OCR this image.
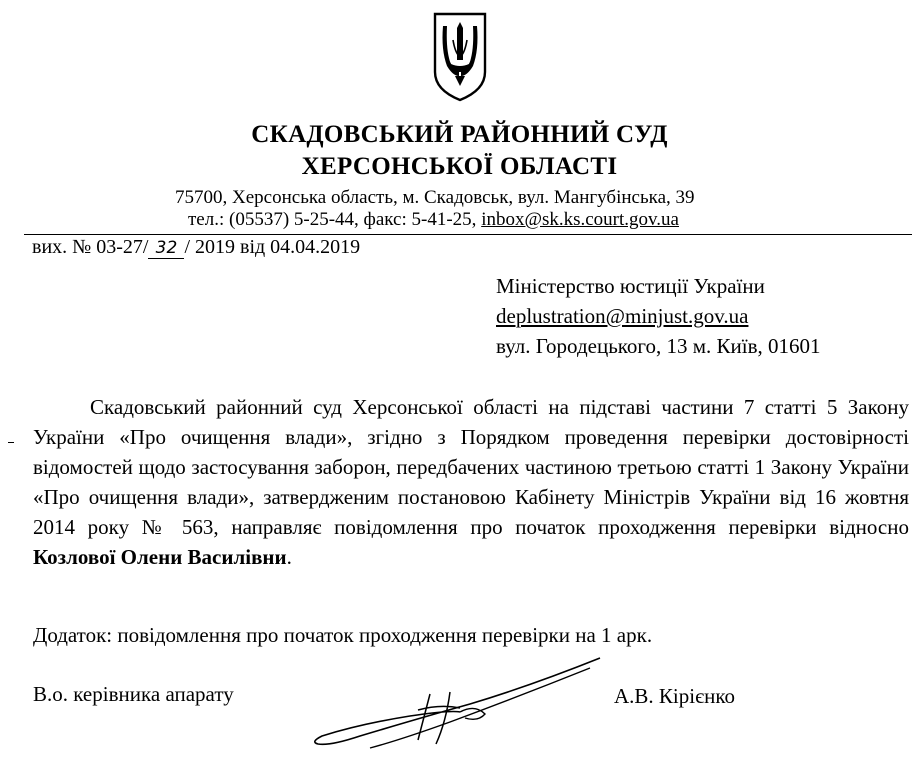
СКАДОВСЬКИЙ РАЙОННИЙ СУД
ХЕРСОНСЬКОЇ ОБЛАСТІ
75700, Херсонська область, м. Скадовськ, вул. Мангубінська, 39
тел.: (05537) 5-25-44, факс: 5-41-25, inbox@sk.ks.court.gov.ua
вих. № 03-27/ 32 / 2019 від 04.04.2019
Міністерство юстиції України
deplustration@minjust.gov.ua
вул. Городецького, 13 м. Київ, 01601

Скадовський районний суд Херсонської області на підставі частини 7 статті 5 Закону України «Про очищення влади», згідно з Порядком проведення перевірки достовірності відомостей щодо застосування заборон, передбачених частиною третьою статті 1 Закону України «Про очищення влади», затвердженим постановою Кабінету Міністрів України від 16 жовтня 2014 року № 563, направляє повідомлення про початок проходження перевірки відносно Козлової Олени Василівни.

Додаток: повідомлення про початок проходження перевірки на 1 арк.
В.о. керівника апарату	А.В. Кірієнко
